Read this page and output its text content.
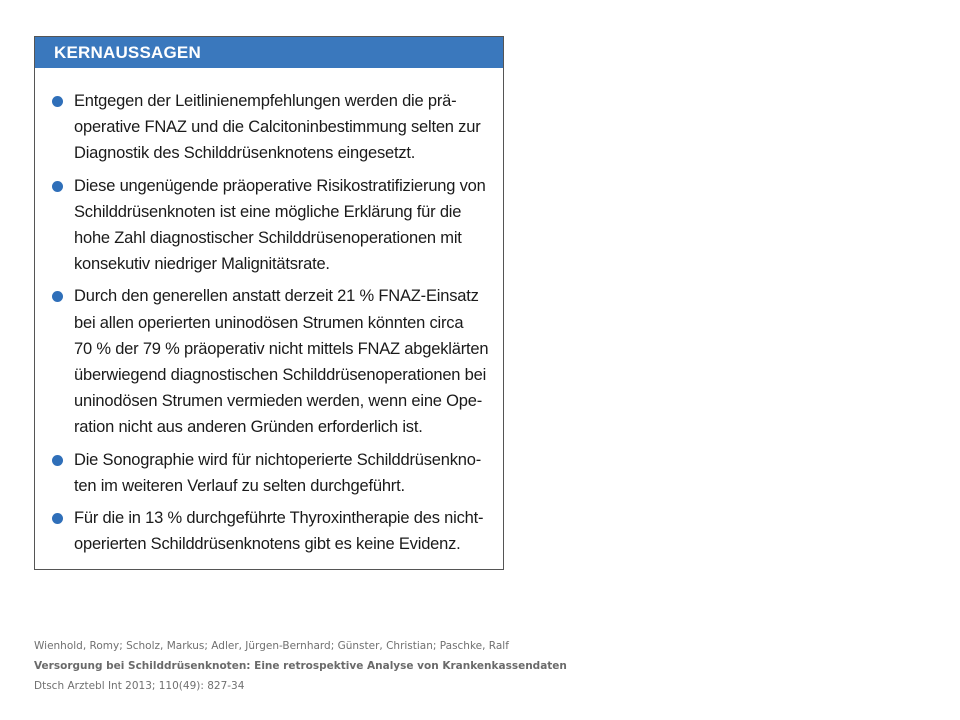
KERNAUSSAGEN
Entgegen der Leitlinienempfehlungen werden die prä-
operative FNAZ und die Calcitoninbestimmung selten zur
Diagnostik des Schilddrüsenknotens eingesetzt.
Diese ungenügende präoperative Risikostratifizierung von
Schilddrüsenknoten ist eine mögliche Erklärung für die
hohe Zahl diagnostischer Schilddrüsenoperationen mit
konsekutiv niedriger Malignitätsrate.
Durch den generellen anstatt derzeit 21 % FNAZ-Einsatz
bei allen operierten uninodösen Strumen könnten circa
70 % der 79 % präoperativ nicht mittels FNAZ abgeklärten
überwiegend diagnostischen Schilddrüsenoperationen bei
uninodösen Strumen vermieden werden, wenn eine Ope-
ration nicht aus anderen Gründen erforderlich ist.
Die Sonographie wird für nichtoperierte Schilddrüsenkno-
ten im weiteren Verlauf zu selten durchgeführt.
Für die in 13 % durchgeführte Thyroxintherapie des nicht-
operierten Schilddrüsenknotens gibt es keine Evidenz.
Wienhold, Romy; Scholz, Markus; Adler, Jürgen-Bernhard; Günster, Christian; Paschke, Ralf
Versorgung bei Schilddrüsenknoten: Eine retrospektive Analyse von Krankenkassendaten
Dtsch Arztebl Int 2013; 110(49): 827-34
